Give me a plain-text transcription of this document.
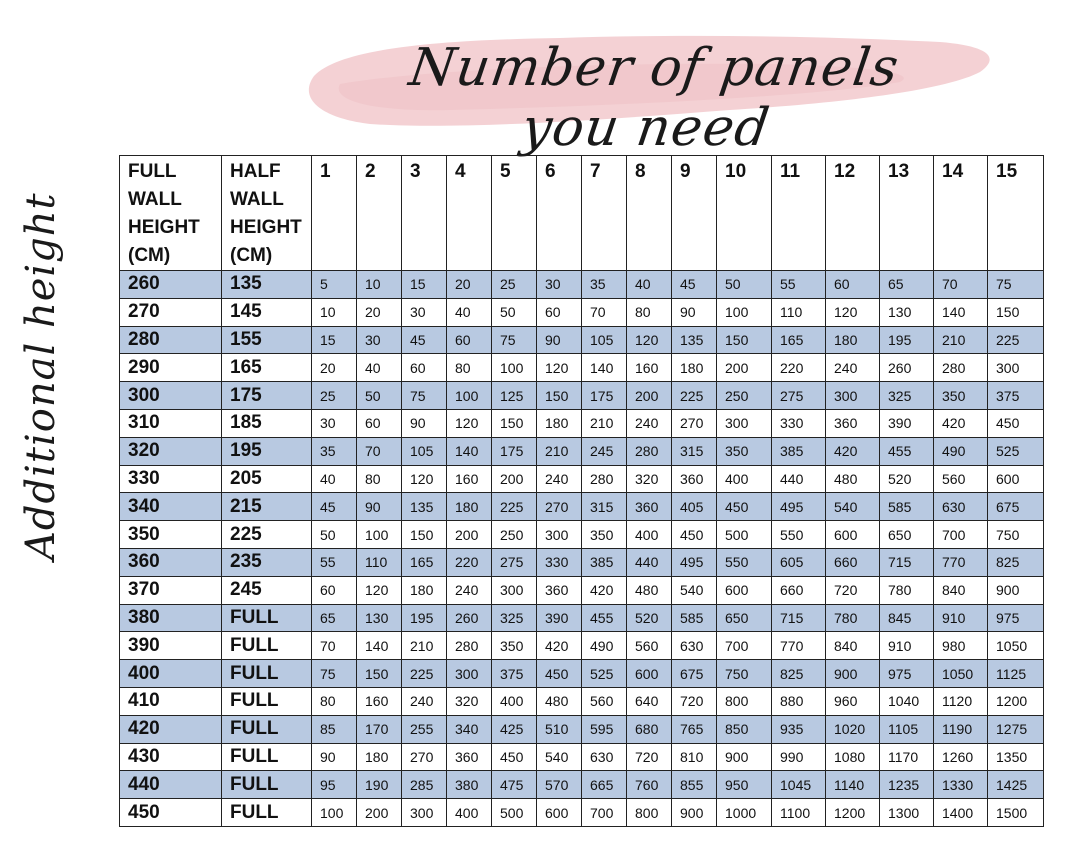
Number of panels you need
Additional height
FULL WALL HEIGHT (CM)	HALF WALL HEIGHT (CM)	1	2	3	4	5	6	7	8	9	10	11	12	13	14	15
260	135	5	10	15	20	25	30	35	40	45	50	55	60	65	70	75
270	145	10	20	30	40	50	60	70	80	90	100	110	120	130	140	150
280	155	15	30	45	60	75	90	105	120	135	150	165	180	195	210	225
290	165	20	40	60	80	100	120	140	160	180	200	220	240	260	280	300
300	175	25	50	75	100	125	150	175	200	225	250	275	300	325	350	375
310	185	30	60	90	120	150	180	210	240	270	300	330	360	390	420	450
320	195	35	70	105	140	175	210	245	280	315	350	385	420	455	490	525
330	205	40	80	120	160	200	240	280	320	360	400	440	480	520	560	600
340	215	45	90	135	180	225	270	315	360	405	450	495	540	585	630	675
350	225	50	100	150	200	250	300	350	400	450	500	550	600	650	700	750
360	235	55	110	165	220	275	330	385	440	495	550	605	660	715	770	825
370	245	60	120	180	240	300	360	420	480	540	600	660	720	780	840	900
380	FULL	65	130	195	260	325	390	455	520	585	650	715	780	845	910	975
390	FULL	70	140	210	280	350	420	490	560	630	700	770	840	910	980	1050
400	FULL	75	150	225	300	375	450	525	600	675	750	825	900	975	1050	1125
410	FULL	80	160	240	320	400	480	560	640	720	800	880	960	1040	1120	1200
420	FULL	85	170	255	340	425	510	595	680	765	850	935	1020	1105	1190	1275
430	FULL	90	180	270	360	450	540	630	720	810	900	990	1080	1170	1260	1350
440	FULL	95	190	285	380	475	570	665	760	855	950	1045	1140	1235	1330	1425
450	FULL	100	200	300	400	500	600	700	800	900	1000	1100	1200	1300	1400	1500
